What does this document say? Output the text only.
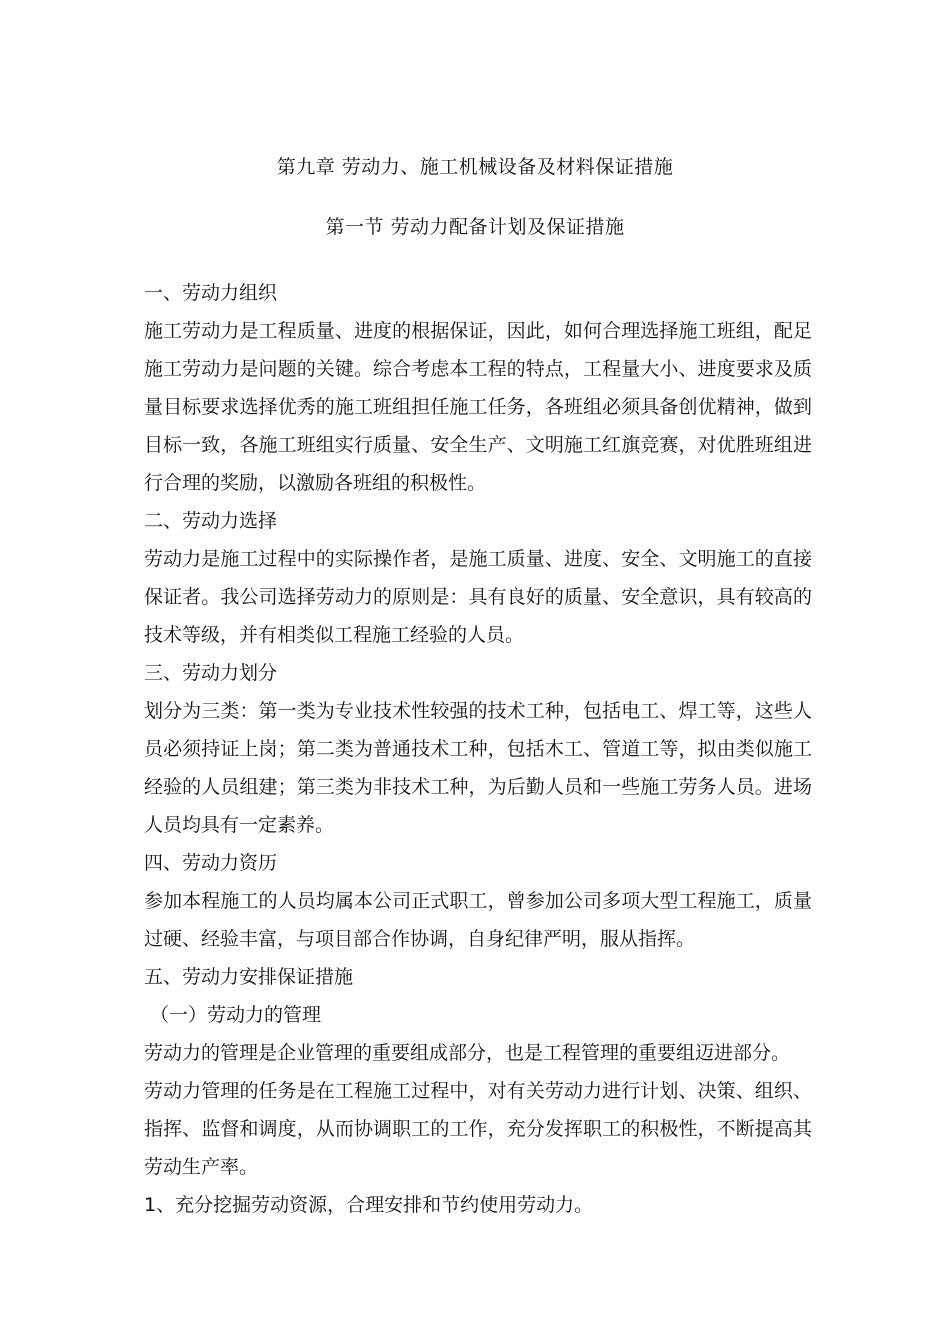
第九章 劳动力、施工机械设备及材料保证措施
第一节 劳动力配备计划及保证措施

一、劳动力组织

施工劳动力是工程质量、进度的根据保证，因此，如何合理选择施工班组，配足施工劳动力是问题的关键。综合考虑本工程的特点，工程量大小、进度要求及质量目标要求选择优秀的施工班组担任施工任务，各班组必须具备创优精神，做到目标一致，各施工班组实行质量、安全生产、文明施工红旗竞赛，对优胜班组进行合理的奖励，以激励各班组的积极性。

二、劳动力选择

劳动力是施工过程中的实际操作者，是施工质量、进度、安全、文明施工的直接保证者。我公司选择劳动力的原则是：具有良好的质量、安全意识，具有较高的技术等级，并有相类似工程施工经验的人员。

三、劳动力划分

划分为三类：第一类为专业技术性较强的技术工种，包括电工、焊工等，这些人员必须持证上岗；第二类为普通技术工种，包括木工、管道工等，拟由类似施工经验的人员组建；第三类为非技术工种，为后勤人员和一些施工劳务人员。进场人员均具有一定素养。

四、劳动力资历

参加本程施工的人员均属本公司正式职工，曾参加公司多项大型工程施工，质量过硬、经验丰富，与项目部合作协调，自身纪律严明，服从指挥。

五、劳动力安排保证措施

（一）劳动力的管理

劳动力的管理是企业管理的重要组成部分，也是工程管理的重要组迈进部分。

劳动力管理的任务是在工程施工过程中，对有关劳动力进行计划、决策、组织、指挥、监督和调度，从而协调职工的工作，充分发挥职工的积极性，不断提高其劳动生产率。

1、充分挖掘劳动资源，合理安排和节约使用劳动力。
